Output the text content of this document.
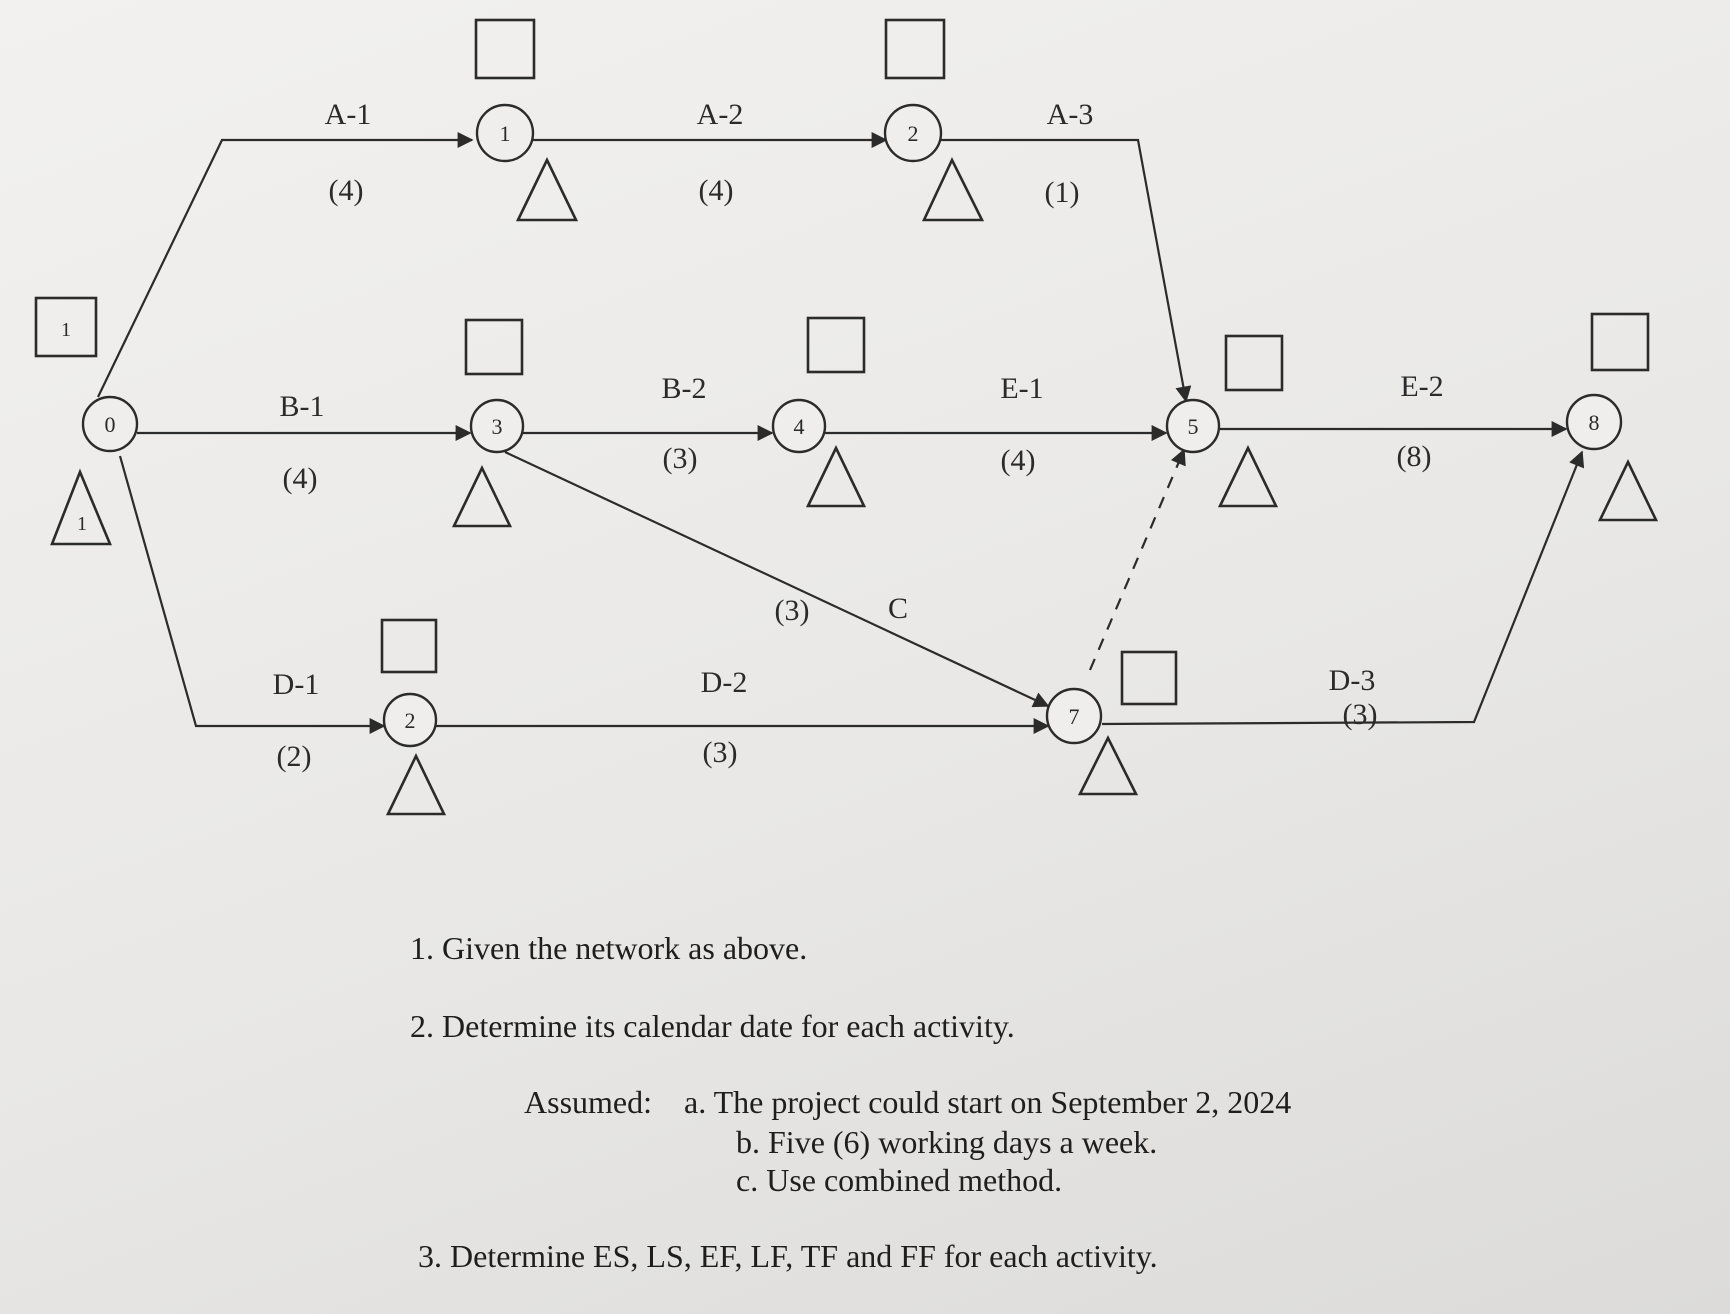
1
1
0
1	2
3	4	5
2	7
8
A-1
(4)
A-2
(4)
A-3
(1)
B-1
(4)
B-2
(3)
E-1
(4)
E-2
(8)
C
(3)
D-1
(2)
D-2
(3)
D-3
(3)

1. Given the network as above.

2. Determine its calendar date for each activity.

Assumed: a. The project could start on September 2, 2024

b. Five (6) working days a week.

c. Use combined method.

3. Determine ES, LS, EF, LF, TF and FF for each activity.
